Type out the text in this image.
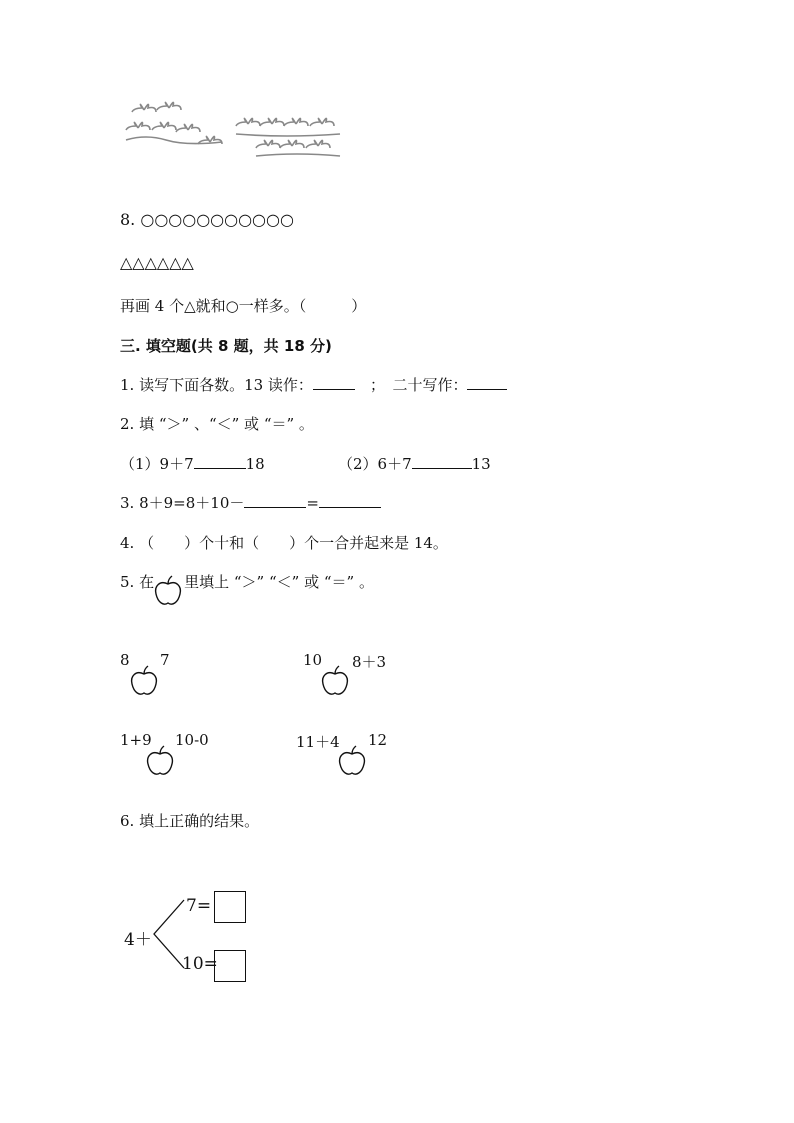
8. ○○○○○○○○○○○
△△△△△△
再画 4 个△就和○一样多。（　　　）
三. 填空题(共 8 题，共 18 分)
1. 读写下面各数。13 读作：　	；　二十写作：
2. 填 “＞” 、“＜” 或 “＝” 。
（1）9＋7	18	（2）6＋7	13
3. 8＋9=8＋10－	=
4. （　　）个十和（　　）个一合并起来是 14。
5. 在 里填上 “＞” “＜” 或 “＝” 。
8 7	10 8＋3
1+9 10-0	11＋4 12
6. 填上正确的结果。
4＋
7=
10=
